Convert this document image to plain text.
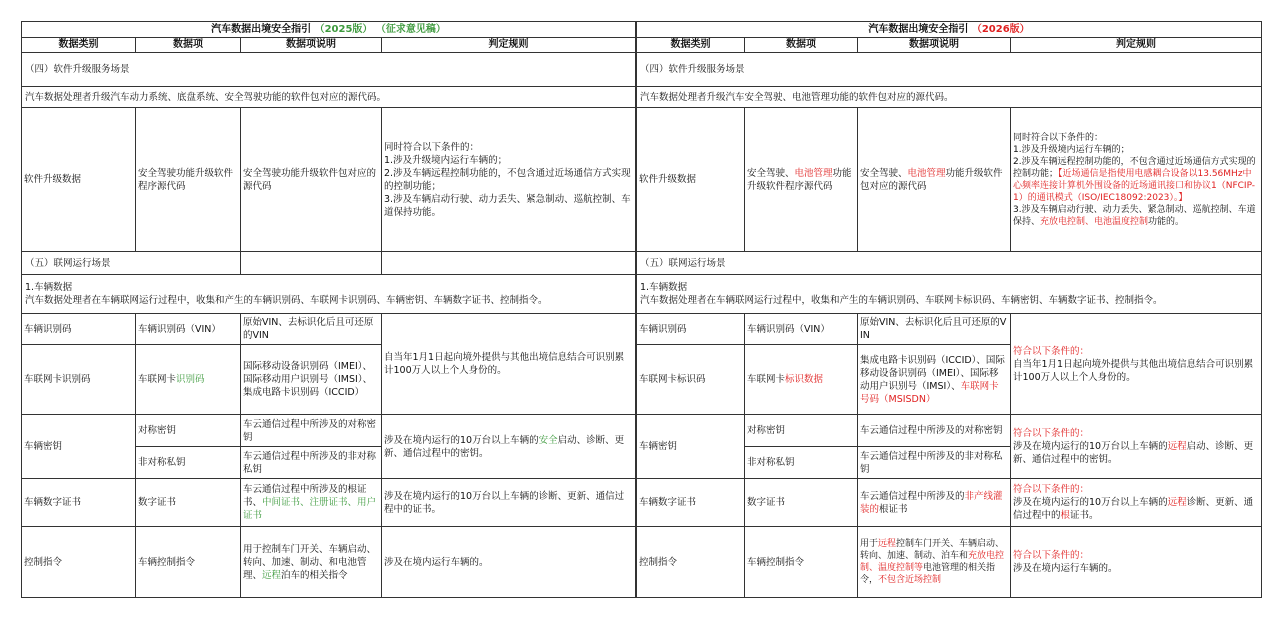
汽车数据出境安全指引 （2025版） （征求意见稿）			
数据类别	数据项	数据项说明	判定规则
（四）软件升级服务场景			
汽车数据处理者升级汽车动力系统、底盘系统、安全驾驶功能的软件包对应的源代码。			
软件升级数据	安全驾驶功能升级软件程序源代码	安全驾驶功能升级软件包对应的源代码	同时符合以下条件的：
1.涉及升级境内运行车辆的；
2.涉及车辆远程控制功能的，不包含通过近场通信方式实现的控制功能；
3.涉及车辆启动行驶、动力丢失、紧急制动、巡航控制、车道保持功能。

（五）联网运行场景			

1.车辆数据
汽车数据处理者在车辆联网运行过程中，收集和产生的车辆识别码、车联网卡识别码、车辆密钥、车辆数字证书、控制指令。			

车辆识别码	车辆识别码（VIN）	原始VIN、去标识化后且可还原的VIN	自当年1月1日起向境外提供与其他出境信息结合可识别累计100万人以上个人身份的。
车联网卡识别码	车联网卡识别码	国际移动设备识别码（IMEI）、国际移动用户识别号（IMSI）、集成电路卡识别码（ICCID）	
车辆密钥	对称密钥	车云通信过程中所涉及的对称密钥	涉及在境内运行的10万台以上车辆的安全启动、诊断、更新、通信过程中的密钥。
	非对称私钥	车云通信过程中所涉及的非对称私钥	
车辆数字证书	数字证书	车云通信过程中所涉及的根证书、中间证书、注册证书、用户证书	涉及在境内运行的10万台以上车辆的诊断、更新、通信过程中的证书。
控制指令	车辆控制指令	用于控制车门开关、车辆启动、转向、加速、制动、和电池管理、远程泊车的相关指令	涉及在境内运行车辆的。
汽车数据出境安全指引 （2026版）			
数据类别	数据项	数据项说明	判定规则
（四）软件升级服务场景			
汽车数据处理者升级汽车安全驾驶、电池管理功能的软件包对应的源代码。			
软件升级数据	安全驾驶、电池管理功能升级软件程序源代码	安全驾驶、电池管理功能升级软件包对应的源代码	同时符合以下条件的：
1.涉及升级境内运行车辆的；
2.涉及车辆远程控制功能的，不包含通过近场通信方式实现的控制功能；【近场通信是指使用电感耦合设备以13.56MHz中心频率连接计算机外围设备的近场通讯接口和协议1（NFCIP-1）的通讯模式（ISO/IEC18092:2023）。】
3.涉及车辆启动行驶、动力丢失、紧急制动、巡航控制、车道保持、充放电控制、电池温度控制功能的。

（五）联网运行场景			

1.车辆数据
汽车数据处理者在车辆联网运行过程中，收集和产生的车辆识别码、车联网卡标识码、车辆密钥、车辆数字证书、控制指令。			

车辆识别码	车辆识别码（VIN）	原始VIN、去标识化后且可还原的VIN	符合以下条件的：
自当年1月1日起向境外提供与其他出境信息结合可识别累计100万人以上个人身份的。

车联网卡标识码	车联网卡标识数据	集成电路卡识别码（ICCID）、国际移动设备识别码（IMEI）、国际移动用户识别号（IMSI）、车联网卡号码（MSISDN）	
车辆密钥	对称密钥	车云通信过程中所涉及的对称密钥	符合以下条件的：
涉及在境内运行的10万台以上车辆的远程启动、诊断、更新、通信过程中的密钥。
	非对称私钥	车云通信过程中所涉及的非对称私钥	
车辆数字证书	数字证书	车云通信过程中所涉及的非产线灌装的根证书	符合以下条件的：
涉及在境内运行的10万台以上车辆的远程诊断、更新、通信过程中的根证书。
控制指令	车辆控制指令	用于远程控制车门开关、车辆启动、转向、加速、制动、泊车和充放电控制、温度控制等电池管理的相关指令，不包含近场控制	符合以下条件的：
涉及在境内运行车辆的。
